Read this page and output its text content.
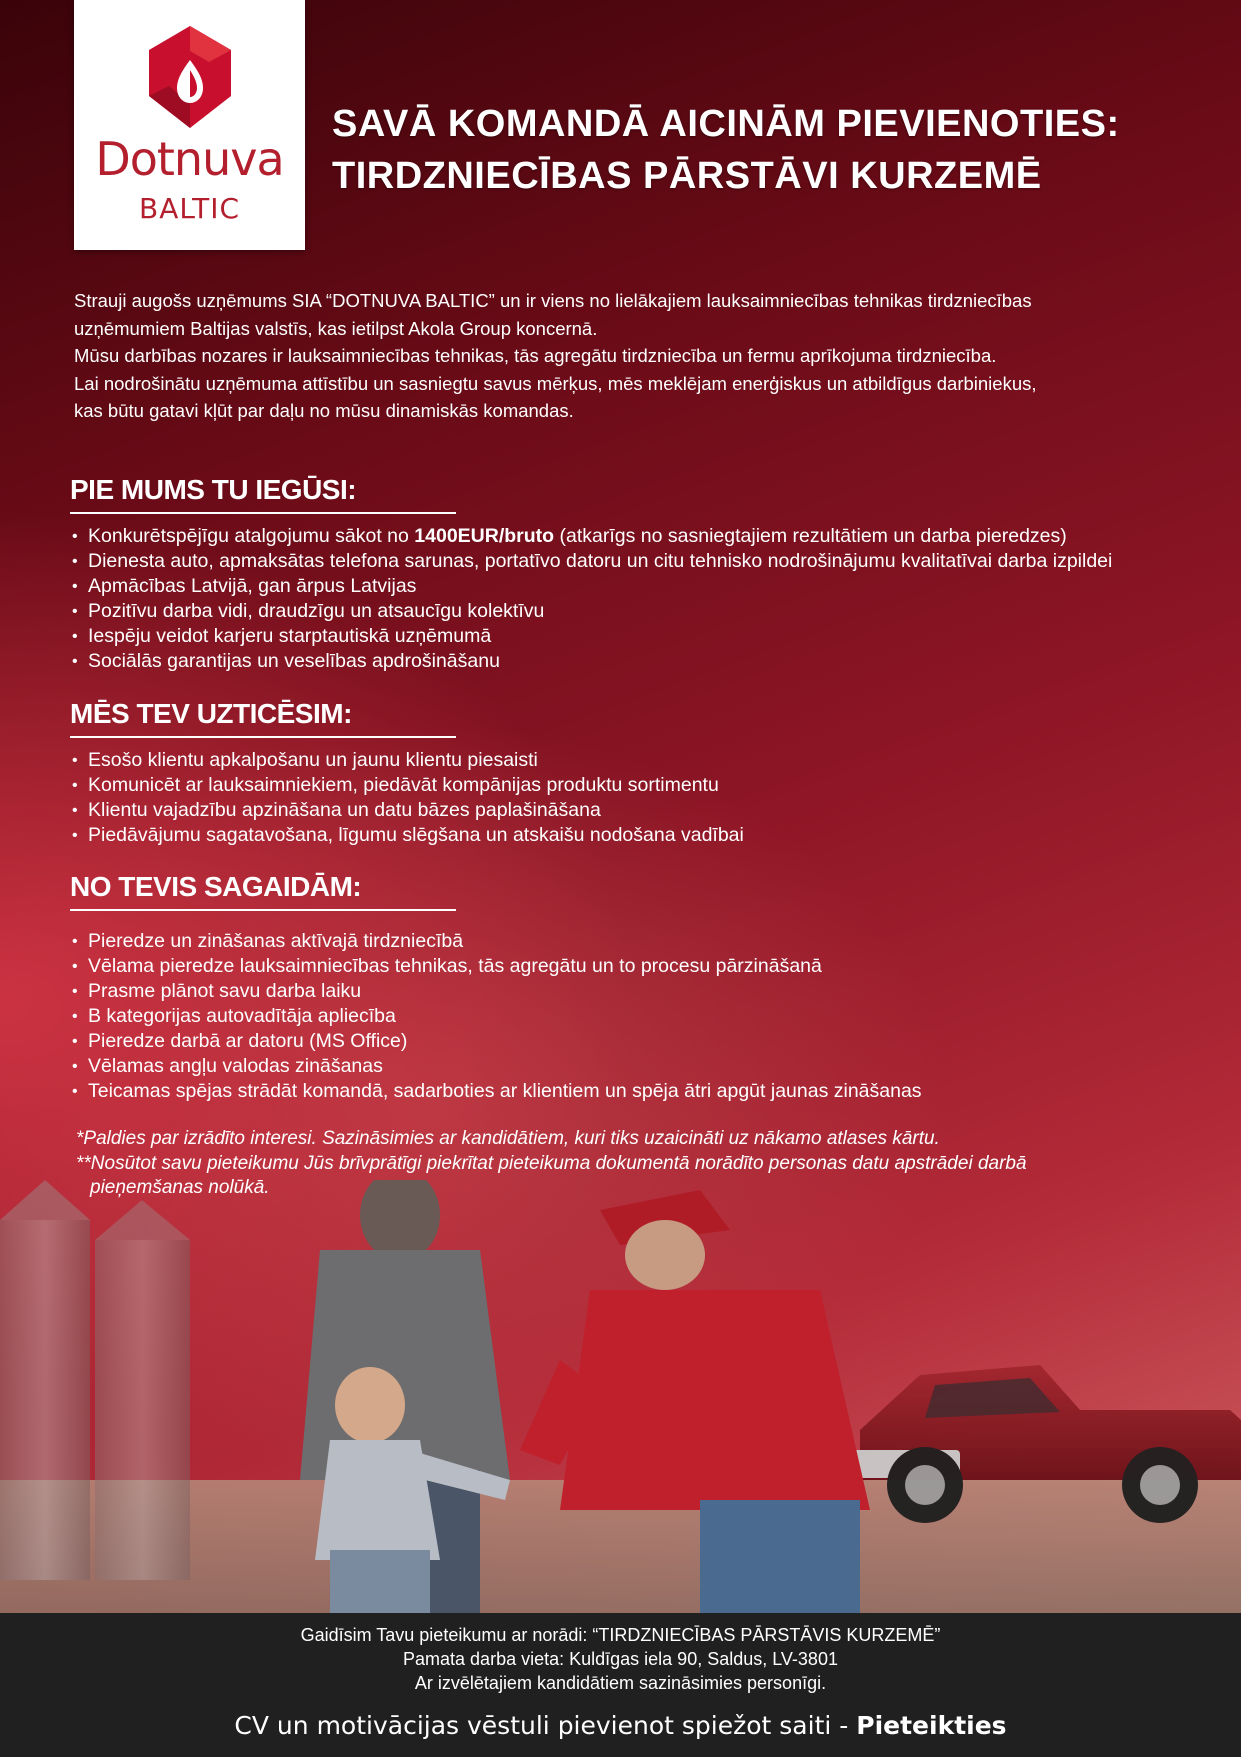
Dotnuva
BALTIC
SAVĀ KOMANDĀ AICINĀM PIEVIENOTIES:
TIRDZNIECĪBAS PĀRSTĀVI KURZEMĒ

Strauji augošs uzņēmums SIA “DOTNUVA BALTIC” un ir viens no lielākajiem lauksaimniecības tehnikas tirdzniecības

uzņēmumiem Baltijas valstīs, kas ietilpst Akola Group koncernā.

Mūsu darbības nozares ir lauksaimniecības tehnikas, tās agregātu tirdzniecība un fermu aprīkojuma tirdzniecība.

Lai nodrošinātu uzņēmuma attīstību un sasniegtu savus mērķus, mēs meklējam enerģiskus un atbildīgus darbiniekus,

kas būtu gatavi kļūt par daļu no mūsu dinamiskās komandas.

PIE MUMS TU IEGŪSI:
• Konkurētspējīgu atalgojumu sākot no 1400EUR/bruto (atkarīgs no sasniegtajiem rezultātiem un darba pieredzes)
• Dienesta auto, apmaksātas telefona sarunas, portatīvo datoru un citu tehnisko nodrošinājumu kvalitatīvai darba izpildei
• Apmācības Latvijā, gan ārpus Latvijas
• Pozitīvu darba vidi, draudzīgu un atsaucīgu kolektīvu
• Iespēju veidot karjeru starptautiskā uzņēmumā
• Sociālās garantijas un veselības apdrošināšanu
MĒS TEV UZTICĒSIM:
• Esošo klientu apkalpošanu un jaunu klientu piesaisti
• Komunicēt ar lauksaimniekiem, piedāvāt kompānijas produktu sortimentu
• Klientu vajadzību apzināšana un datu bāzes paplašināšana
• Piedāvājumu sagatavošana, līgumu slēgšana un atskaišu nodošana vadībai
NO TEVIS SAGAIDĀM:
• Pieredze un zināšanas aktīvajā tirdzniecībā
• Vēlama pieredze lauksaimniecības tehnikas, tās agregātu un to procesu pārzināšanā
• Prasme plānot savu darba laiku
• B kategorijas autovadītāja apliecība
• Pieredze darbā ar datoru (MS Office)
• Vēlamas angļu valodas zināšanas
• Teicamas spējas strādāt komandā, sadarboties ar klientiem un spēja ātri apgūt jaunas zināšanas

*Paldies par izrādīto interesi. Sazināsimies ar kandidātiem, kuri tiks uzaicināti uz nākamo atlases kārtu.

**Nosūtot savu pieteikumu Jūs brīvprātīgi piekrītat pieteikuma dokumentā norādīto personas datu apstrādei darbā

pieņemšanas nolūkā.

Gaidīsim Tavu pieteikumu ar norādi: “TIRDZNIECĪBAS PĀRSTĀVIS KURZEMĒ”
Pamata darba vieta: Kuldīgas iela 90, Saldus, LV-3801
Ar izvēlētajiem kandidātiem sazināsimies personīgi.
CV un motivācijas vēstuli pievienot spiežot saiti - Pieteikties
